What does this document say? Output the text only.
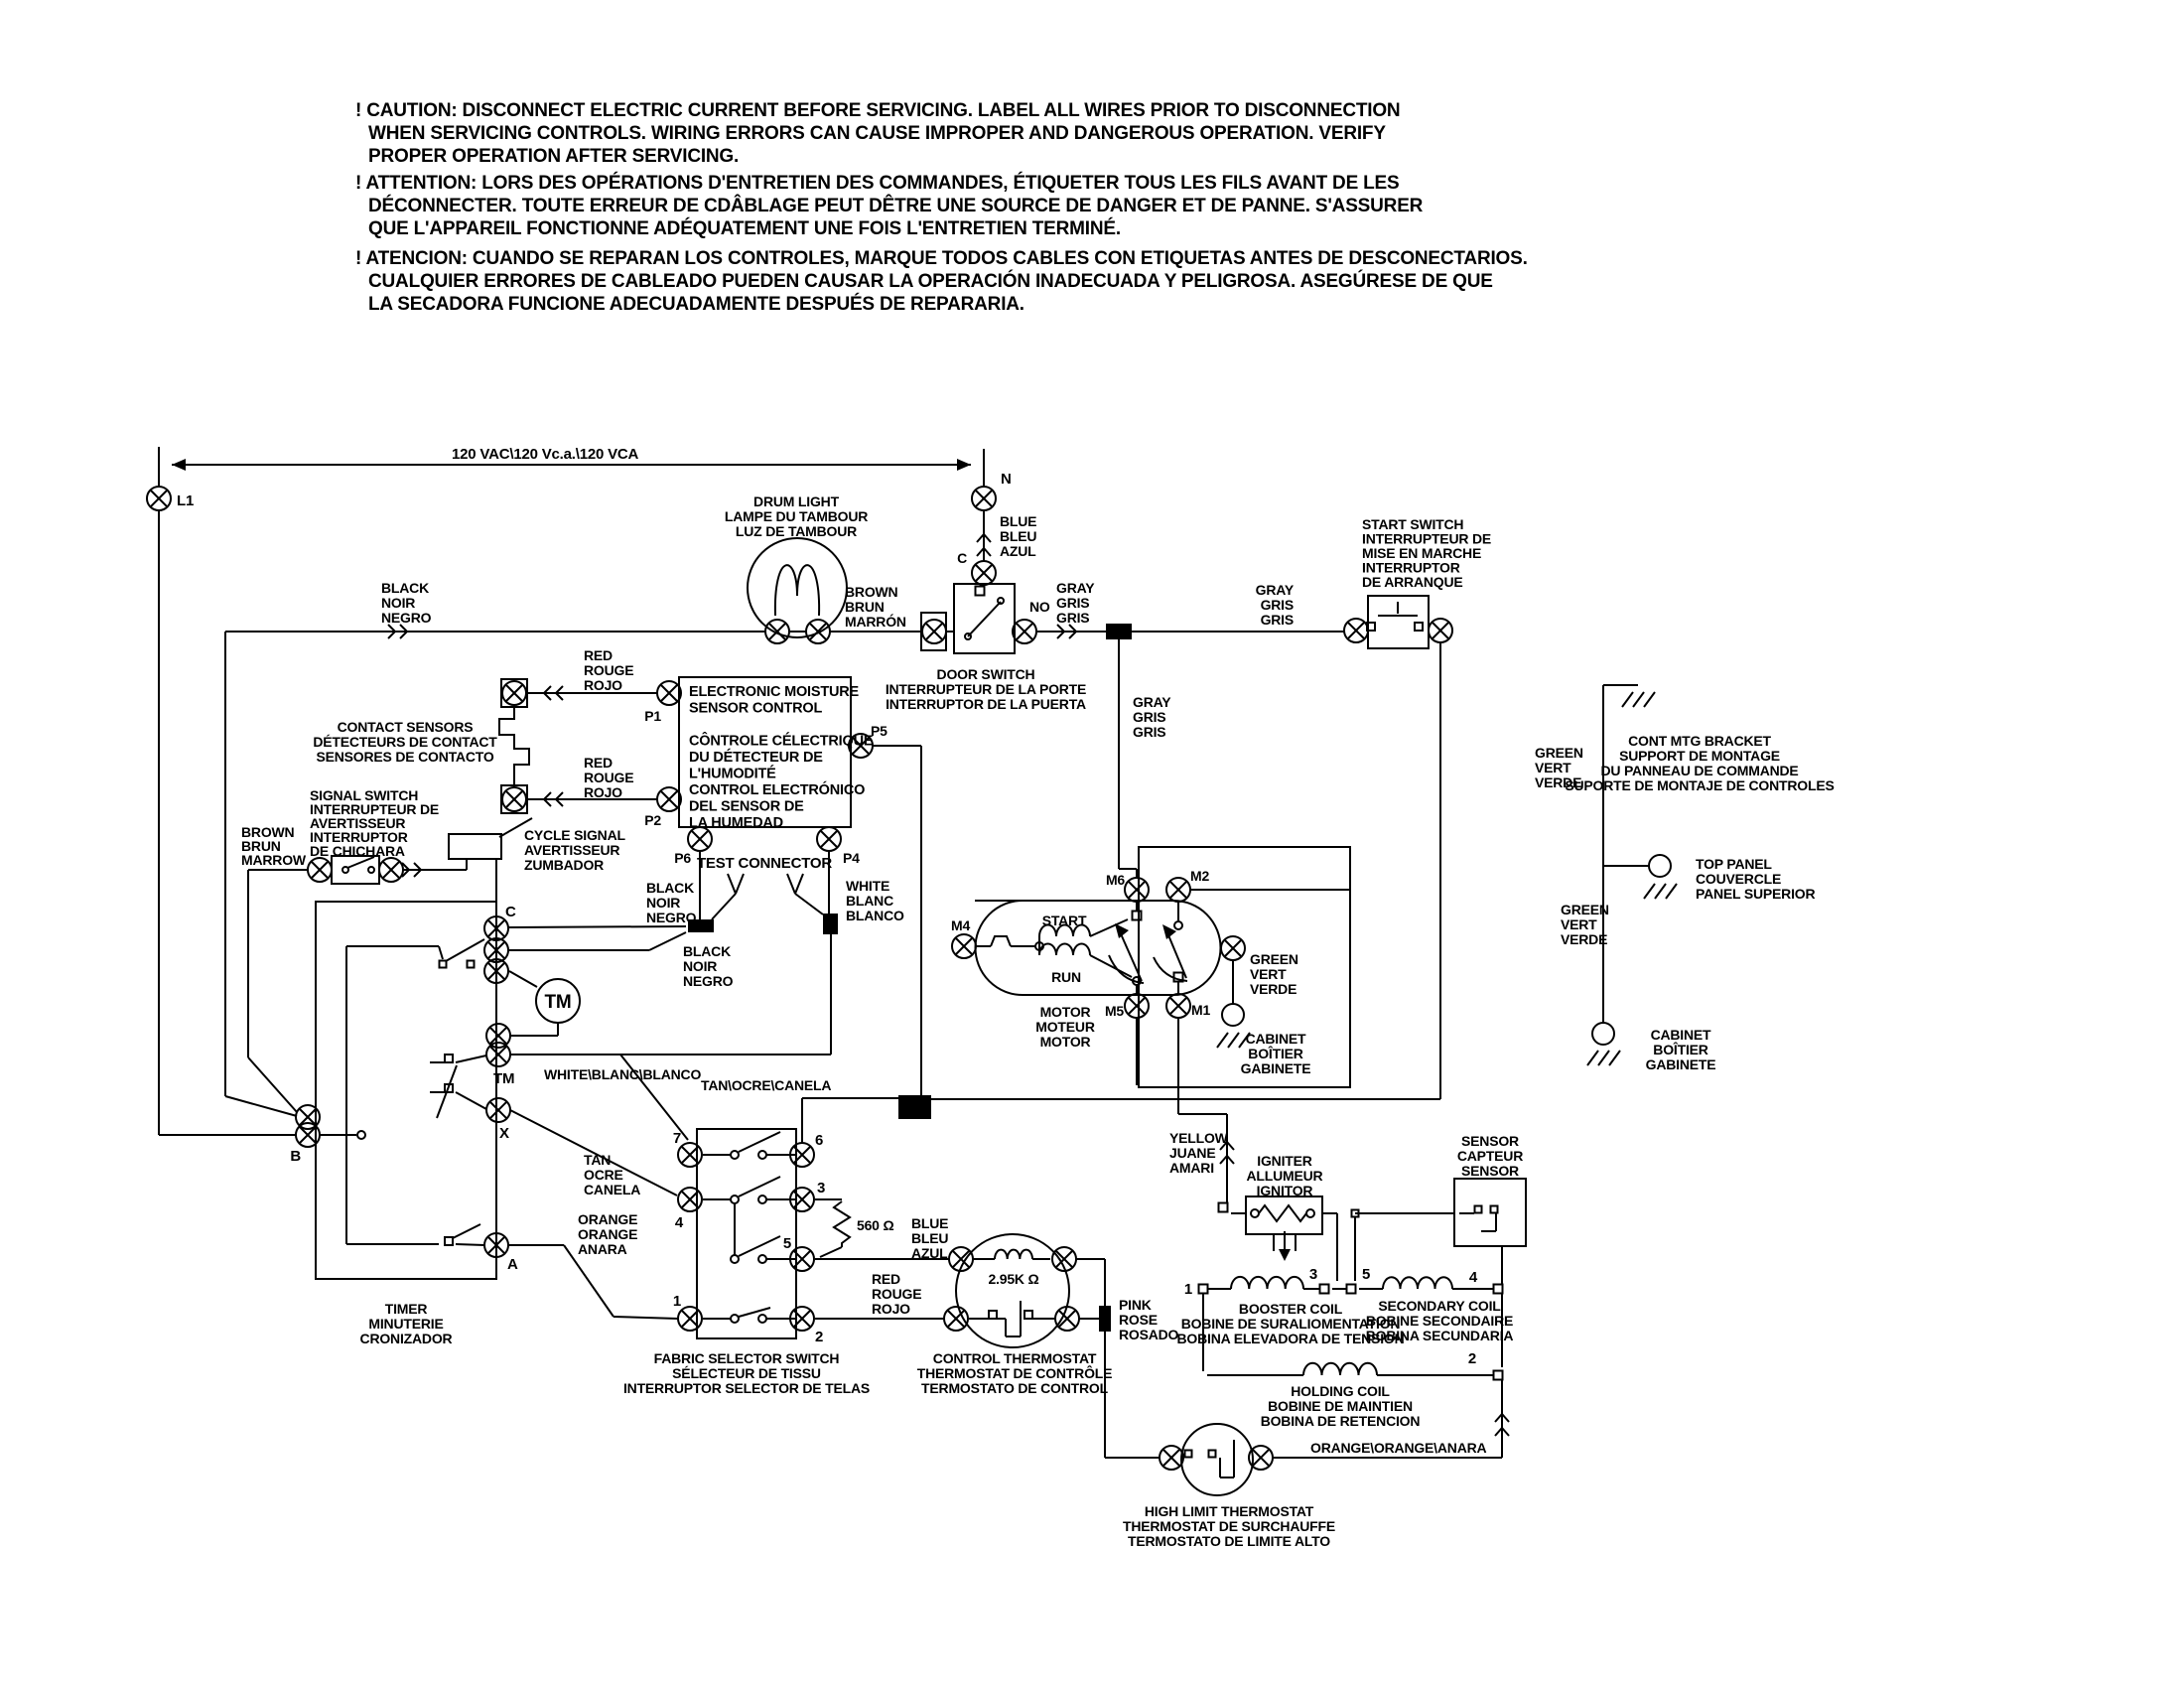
! CAUTION: DISCONNECT ELECTRIC CURRENT BEFORE SERVICING. LABEL ALL WIRES PRIOR TO DISCONNECTION WHEN SERVICING CONTROLS. WIRING ERRORS CAN CAUSE IMPROPER AND DANGEROUS OPERATION. VERIFY PROPER OPERATION AFTER SERVICING.
! ATTENTION: LORS DES OPÉRATIONS D'ENTRETIEN DES COMMANDES, ÉTIQUETER TOUS LES FILS AVANT DE LES DÉCONNECTER. TOUTE ERREUR DE CDÂBLAGE PEUT DÊTRE UNE SOURCE DE DANGER ET DE PANNE. S'ASSURER QUE L'APPAREIL FONCTIONNE ADÉQUATEMENT UNE FOIS L'ENTRETIEN TERMINÉ.
! ATENCION: CUANDO SE REPARAN LOS CONTROLES, MARQUE TODOS CABLES CON ETIQUETAS ANTES DE DESCONECTARIOS. CUALQUIER ERRORES DE CABLEADO PUEDEN CAUSAR LA OPERACIÓN INADECUADA Y PELIGROSA. ASEGÚRESE DE QUE LA SECADORA FUNCIONE ADECUADAMENTE DESPUÉS DE REPARARIA.
120 VAC\120 Vc.a.\120 VCA
L1
N
BLUE BLEU AZUL
C
DRUM LIGHT LAMPE DU TAMBOUR LUZ DE TAMBOUR
BROWN BRUN MARRÓN
DOOR SWITCH INTERRUPTEUR DE LA PORTE INTERRUPTOR DE LA PUERTA
NO
GRAY GRIS GRIS
GRAY GRIS GRIS
GRAY GRIS GRIS
START SWITCH INTERRUPTEUR DE MISE EN MARCHE INTERRUPTOR DE ARRANQUE
BLACK NOIR NEGRO
RED ROUGE ROJO
RED ROUGE ROJO
CONTACT SENSORS DÉTECTEURS DE CONTACT SENSORES DE CONTACTO
ELECTRONIC MOISTURE SENSOR CONTROL CÔNTROLE CÉLECTRIQUE DU DÉTECTEUR DE L'HUMODITÉ CONTROL ELECTRÓNICO DEL SENSOR DE LA HUMEDAD
P1
P2
P5
P6	P4
TEST CONNECTOR
BLACK NOIR NEGRO
BLACK NOIR NEGRO
WHITE BLANC BLANCO
SIGNAL SWITCH INTERRUPTEUR DE AVERTISSEUR INTERRUPTOR DE CHICHARA
BROWN BRUN MARROW
CYCLE SIGNAL AVERTISSEUR ZUMBADOR
TM
TM
X
C
B
A
TIMER MINUTERIE CRONIZADOR
WHITE\BLANC\BLANCO
TAN\OCRE\CANELA
TAN OCRE CANELA
ORANGE ORANGE ANARA
FABRIC SELECTOR SWITCH SÉLECTEUR DE TISSU INTERRUPTOR SELECTOR DE TELAS
7	6
4
3
5
1
2
560 Ω
2.95K Ω
BLUE BLEU AZUL
RED ROUGE ROJO
CONTROL THERMOSTAT THERMOSTAT DE CONTRÔLE TERMOSTATO DE CONTROL
PINK ROSE ROSADO
M4
M6	M2
M5	M1
START
RUN
MOTOR MOTEUR MOTOR
GREEN VERT VERDE
CABINET BOÎTIER GABINETE
YELLOW JUANE AMARI	IGNITER ALLUMEUR IGNITOR
SENSOR CAPTEUR SENSOR
BOOSTER COIL BOBINE DE SURALIOMENTATION BOBINA ELEVADORA DE TENSION
SECONDARY COIL BOBINE SECONDAIRE BOBINA SECUNDARIA
HOLDING COIL BOBINE DE MAINTIEN BOBINA DE RETENCION
1
3	5	4
2
ORANGE\ORANGE\ANARA
HIGH LIMIT THERMOSTAT THERMOSTAT DE SURCHAUFFE TERMOSTATO DE LIMITE ALTO
GREEN VERT VERDE
GREEN VERT VERDE
CONT MTG BRACKET SUPPORT DE MONTAGE DU PANNEAU DE COMMANDE SUPORTE DE MONTAJE DE CONTROLES
TOP PANEL COUVERCLE PANEL SUPERIOR
CABINET BOÎTIER GABINETE
